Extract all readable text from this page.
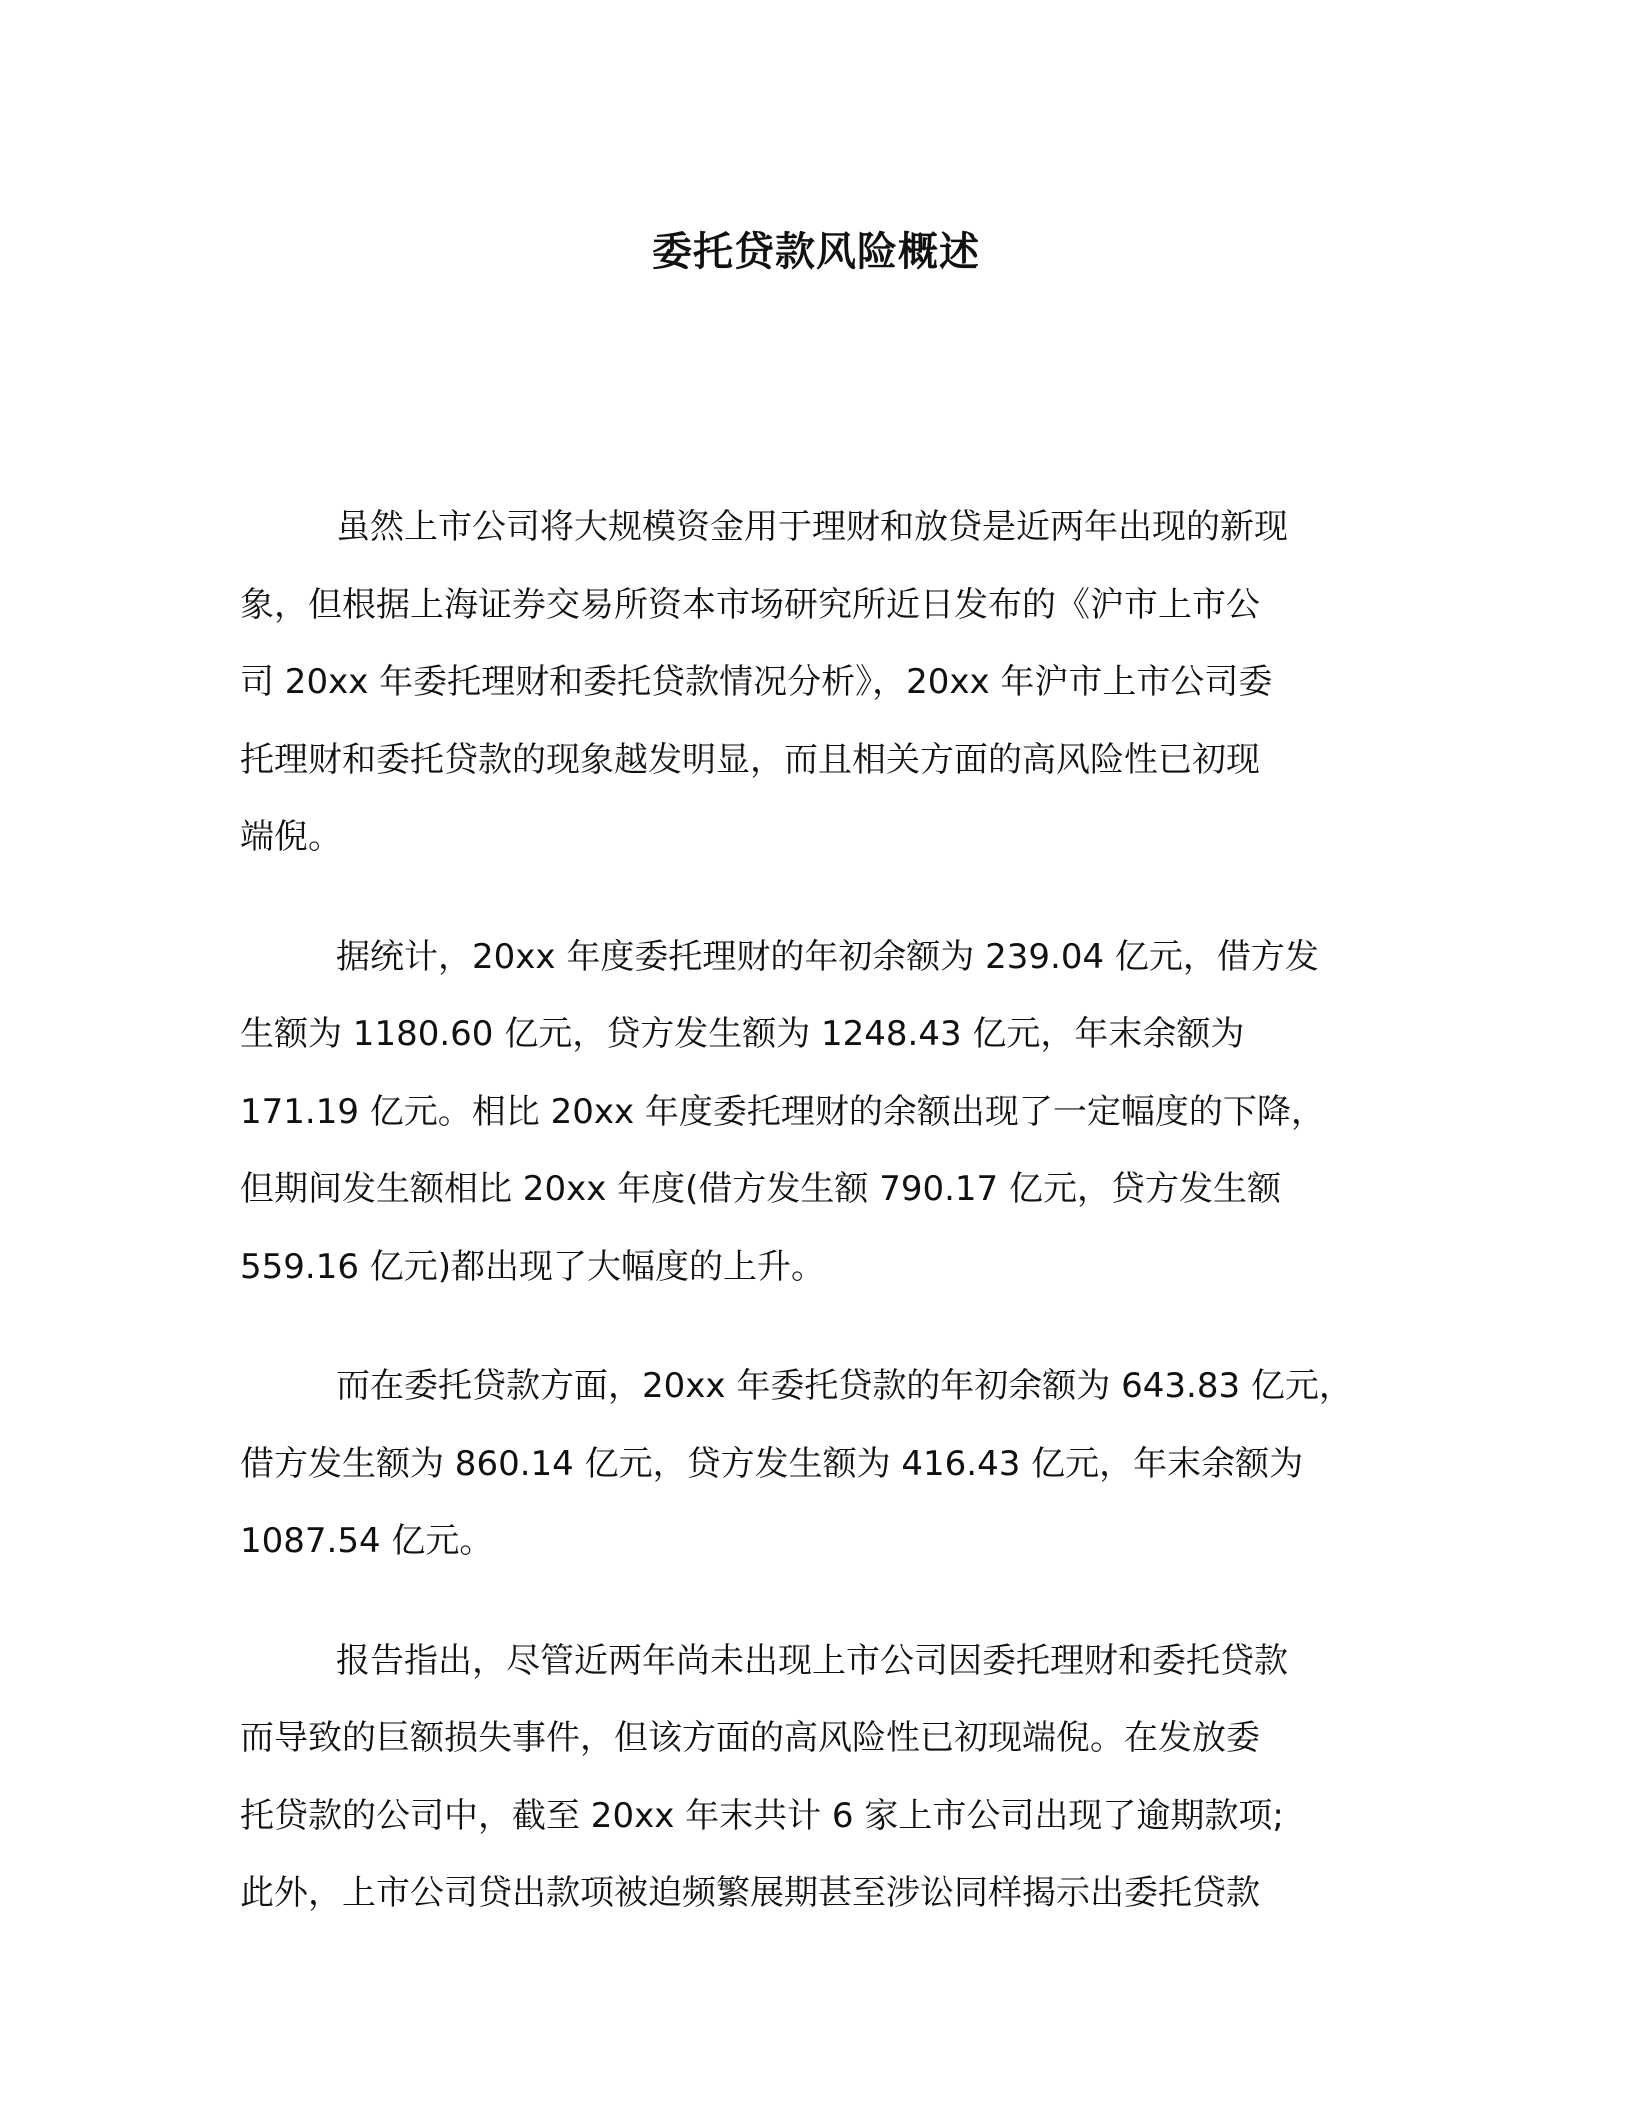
委托贷款风险概述

虽然上市公司将大规模资金用于理财和放贷是近两年出现的新现
象，但根据上海证券交易所资本市场研究所近日发布的《沪市上市公
司 20xx 年委托理财和委托贷款情况分析》，20xx 年沪市上市公司委
托理财和委托贷款的现象越发明显，而且相关方面的高风险性已初现
端倪。

据统计，20xx 年度委托理财的年初余额为 239.04 亿元，借方发
生额为 1180.60 亿元，贷方发生额为 1248.43 亿元，年末余额为
171.19 亿元。相比 20xx 年度委托理财的余额出现了一定幅度的下降，
但期间发生额相比 20xx 年度(借方发生额 790.17 亿元，贷方发生额
559.16 亿元)都出现了大幅度的上升。

而在委托贷款方面，20xx 年委托贷款的年初余额为 643.83 亿元，
借方发生额为 860.14 亿元，贷方发生额为 416.43 亿元，年末余额为
1087.54 亿元。

报告指出，尽管近两年尚未出现上市公司因委托理财和委托贷款
而导致的巨额损失事件，但该方面的高风险性已初现端倪。在发放委
托贷款的公司中，截至 20xx 年末共计 6 家上市公司出现了逾期款项;
此外，上市公司贷出款项被迫频繁展期甚至涉讼同样揭示出委托贷款
